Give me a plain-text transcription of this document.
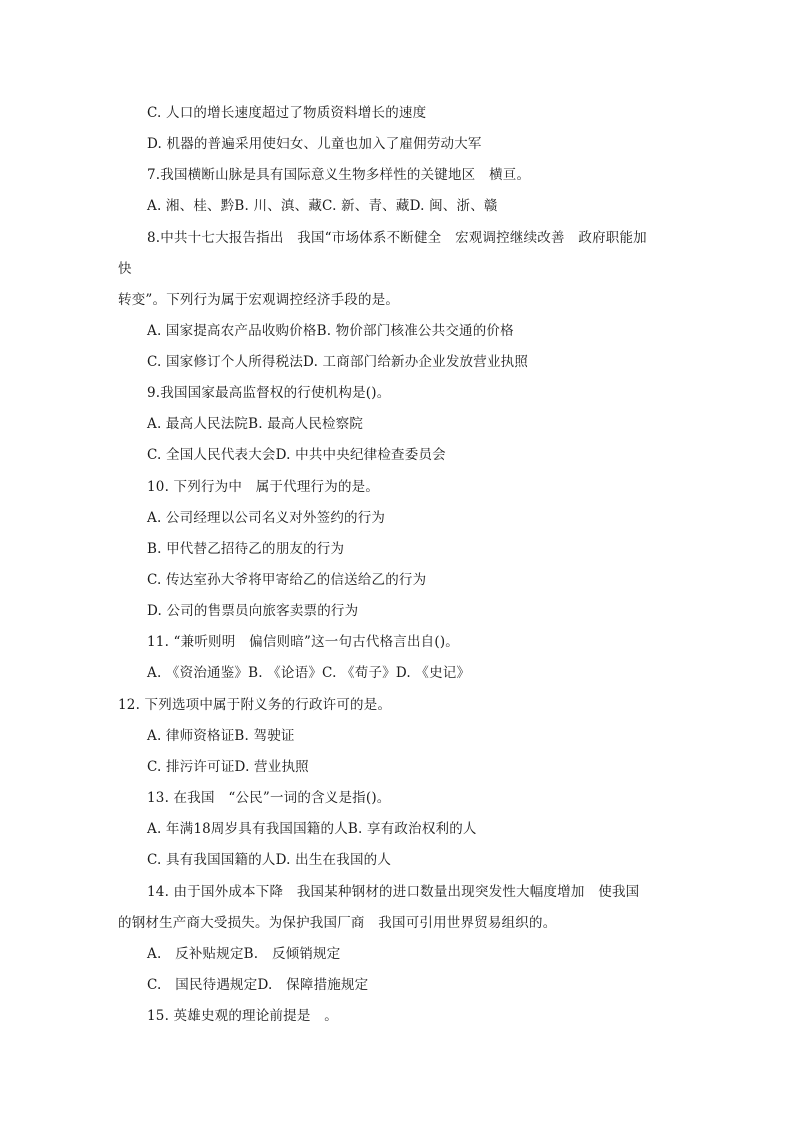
C. 人口的增长速度超过了物质资料增长的速度
D. 机器的普遍采用使妇女、儿童也加入了雇佣劳动大军
7.我国横断山脉是具有国际意义生物多样性的关键地区　横亘。
A. 湘、桂、黔B. 川、滇、藏C. 新、青、藏D. 闽、浙、赣
8.中共十七大报告指出　我国“市场体系不断健全　宏观调控继续改善　政府职能加
快
转变”。下列行为属于宏观调控经济手段的是。
A. 国家提高农产品收购价格B. 物价部门核准公共交通的价格
C. 国家修订个人所得税法D. 工商部门给新办企业发放营业执照
9.我国国家最高监督权的行使机构是()。
A. 最高人民法院B. 最高人民检察院
C. 全国人民代表大会D. 中共中央纪律检查委员会
10. 下列行为中　属于代理行为的是。
A. 公司经理以公司名义对外签约的行为
B. 甲代替乙招待乙的朋友的行为
C. 传达室孙大爷将甲寄给乙的信送给乙的行为
D. 公司的售票员向旅客卖票的行为
11. “兼听则明　偏信则暗”这一句古代格言出自()。
A. 《资治通鉴》B. 《论语》C. 《荀子》D. 《史记》
12. 下列选项中属于附义务的行政许可的是。
A. 律师资格证B. 驾驶证
C. 排污许可证D. 营业执照
13. 在我国　“公民”一词的含义是指()。
A. 年满18周岁具有我国国籍的人B. 享有政治权利的人
C. 具有我国国籍的人D. 出生在我国的人
14. 由于国外成本下降　我国某种钢材的进口数量出现突发性大幅度增加　使我国
的钢材生产商大受损失。为保护我国厂商　我国可引用世界贸易组织的。
A.　反补贴规定B.　反倾销规定
C.　国民待遇规定D.　保障措施规定
15. 英雄史观的理论前提是　。
